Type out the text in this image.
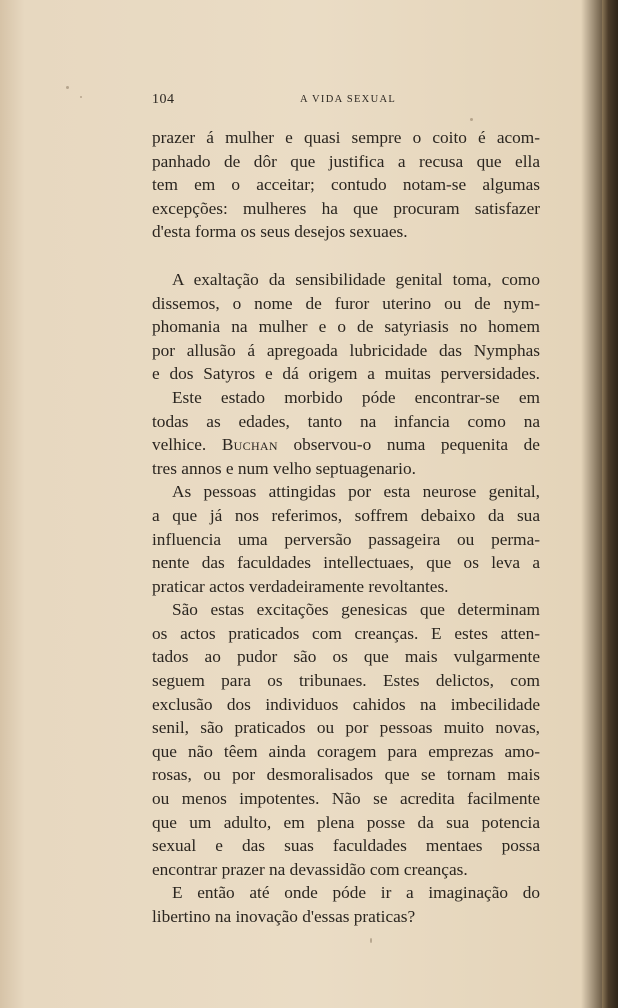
104	A VIDA SEXUAL
prazer á mulher e quasi sempre o coito é acom-
panhado de dôr que justifica a recusa que ella
tem em o acceitar; contudo notam-se algumas
excepções: mulheres ha que procuram satisfazer
d'esta forma os seus desejos sexuaes.
A exaltação da sensibilidade genital toma, como
dissemos, o nome de furor uterino ou de nym-
phomania na mulher e o de satyriasis no homem
por allusão á apregoada lubricidade das Nymphas
e dos Satyros e dá origem a muitas perversidades.
Este estado morbido póde encontrar-se em
todas as edades, tanto na infancia como na
velhice. Buchan observou-o numa pequenita de
tres annos e num velho septuagenario.
As pessoas attingidas por esta neurose genital,
a que já nos referimos, soffrem debaixo da sua
influencia uma perversão passageira ou perma-
nente das faculdades intellectuaes, que os leva a
praticar actos verdadeiramente revoltantes.
São estas excitações genesicas que determinam
os actos praticados com creanças. E estes atten-
tados ao pudor são os que mais vulgarmente
seguem para os tribunaes. Estes delictos, com
exclusão dos individuos cahidos na imbecilidade
senil, são praticados ou por pessoas muito novas,
que não têem ainda coragem para emprezas amo-
rosas, ou por desmoralisados que se tornam mais
ou menos impotentes. Não se acredita facilmente
que um adulto, em plena posse da sua potencia
sexual e das suas faculdades mentaes possa
encontrar prazer na devassidão com creanças.
E então até onde póde ir a imaginação do
libertino na inovação d'essas praticas?
